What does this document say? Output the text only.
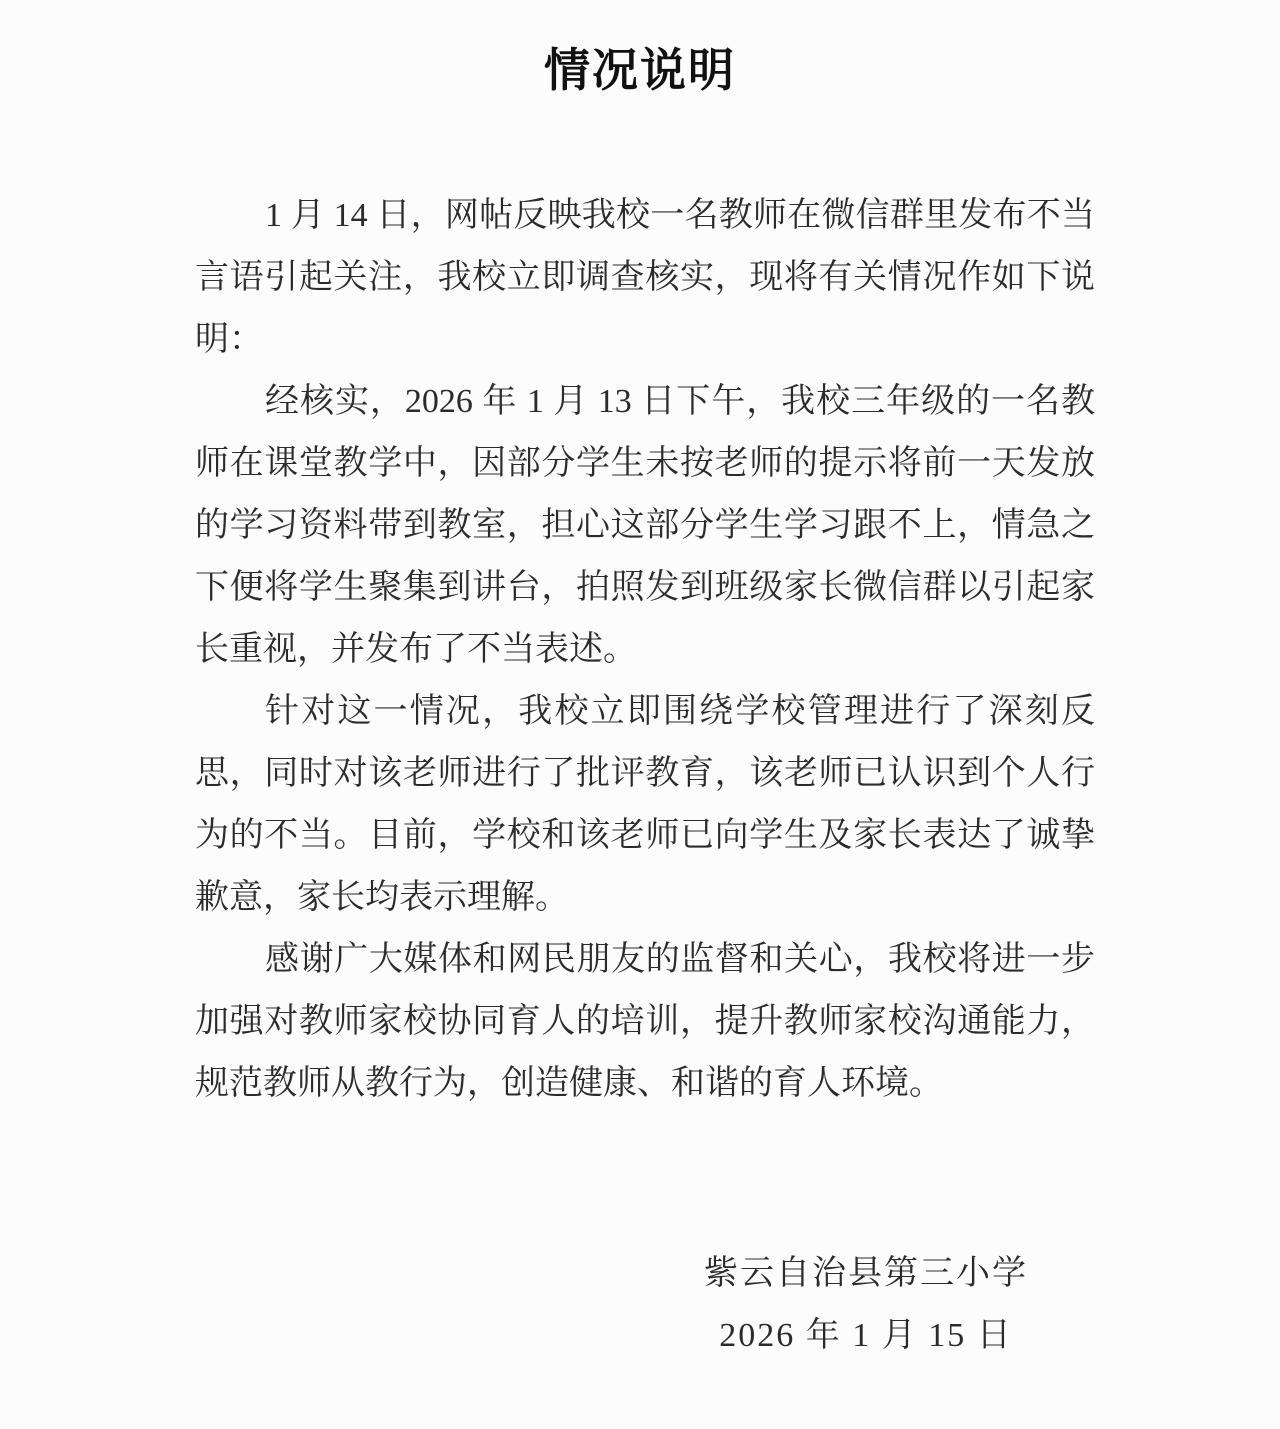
情况说明
1 月 14 日，网帖反映我校一名教师在微信群里发布不当
言语引起关注，我校立即调查核实，现将有关情况作如下说
明：
经核实，2026 年 1 月 13 日下午，我校三年级的一名教
师在课堂教学中，因部分学生未按老师的提示将前一天发放
的学习资料带到教室，担心这部分学生学习跟不上，情急之
下便将学生聚集到讲台，拍照发到班级家长微信群以引起家
长重视，并发布了不当表述。
针对这一情况，我校立即围绕学校管理进行了深刻反
思，同时对该老师进行了批评教育，该老师已认识到个人行
为的不当。目前，学校和该老师已向学生及家长表达了诚挚
歉意，家长均表示理解。
感谢广大媒体和网民朋友的监督和关心，我校将进一步
加强对教师家校协同育人的培训，提升教师家校沟通能力，
规范教师从教行为，创造健康、和谐的育人环境。
紫云自治县第三小学
2026 年 1 月 15 日
